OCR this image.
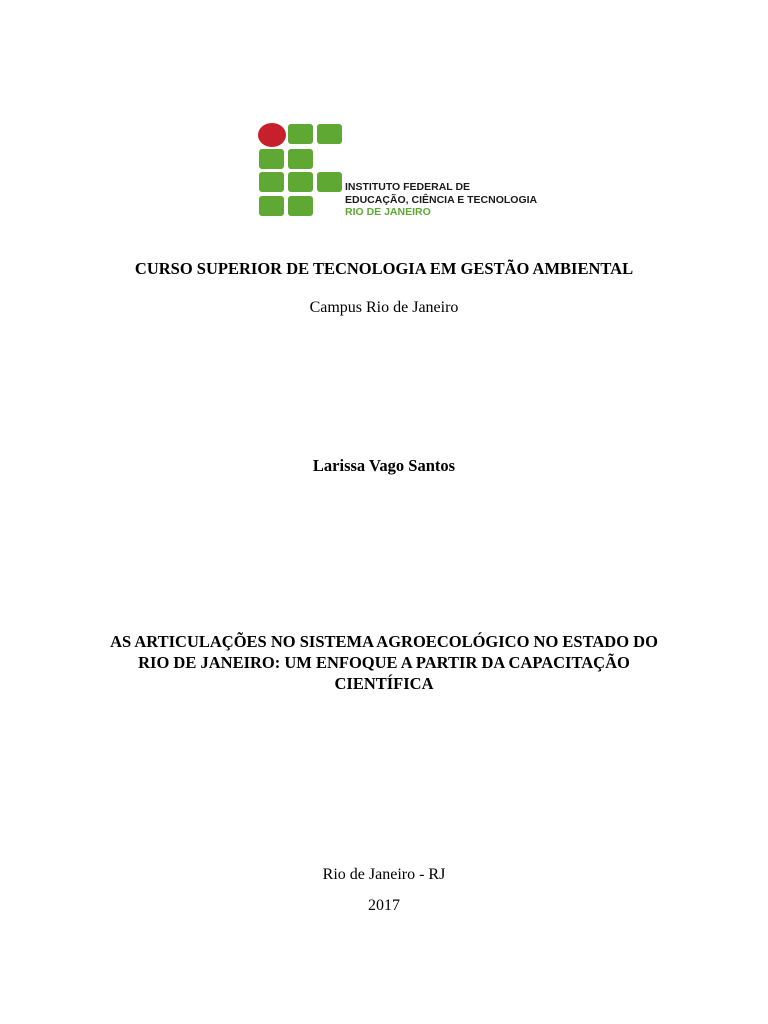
INSTITUTO FEDERAL DE
EDUCAÇÃO, CIÊNCIA E TECNOLOGIA
RIO DE JANEIRO
CURSO SUPERIOR DE TECNOLOGIA EM GESTÃO AMBIENTAL
Campus Rio de Janeiro
Larissa Vago Santos
AS ARTICULAÇÕES NO SISTEMA AGROECOLÓGICO NO ESTADO DO RIO DE JANEIRO: UM ENFOQUE A PARTIR DA CAPACITAÇÃO CIENTÍFICA
Rio de Janeiro - RJ
2017
